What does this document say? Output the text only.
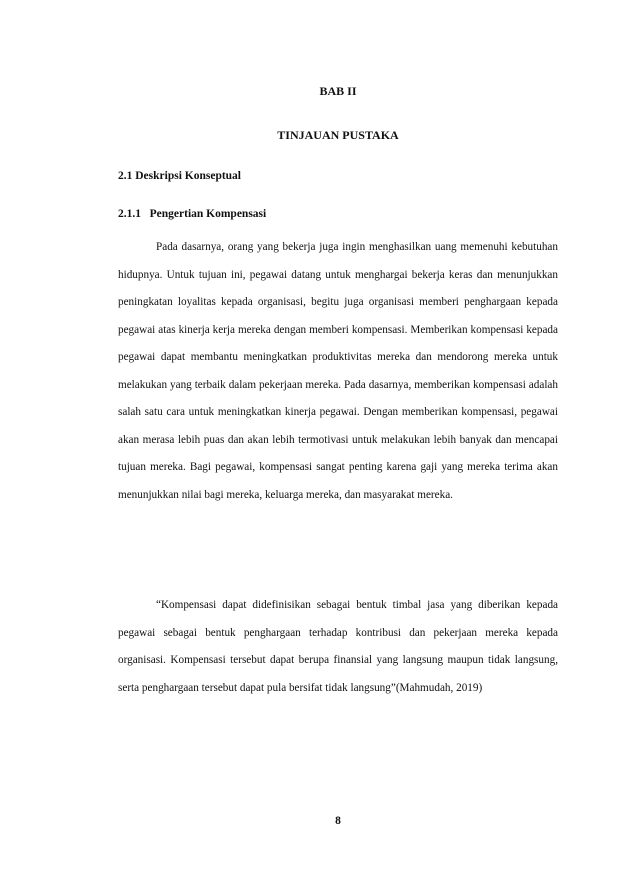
BAB II
TINJAUAN PUSTAKA
2.1 Deskripsi Konseptual
2.1.1   Pengertian Kompensasi

Pada dasarnya, orang yang bekerja juga ingin menghasilkan uang memenuhi kebutuhan hidupnya. Untuk tujuan ini, pegawai datang untuk menghargai bekerja keras dan menunjukkan peningkatan loyalitas kepada organisasi, begitu juga organisasi memberi penghargaan kepada pegawai atas kinerja kerja mereka dengan memberi kompensasi. Memberikan kompensasi kepada pegawai dapat membantu meningkatkan produktivitas mereka dan mendorong mereka untuk melakukan yang terbaik dalam pekerjaan mereka. Pada dasarnya, memberikan kompensasi adalah salah satu cara untuk meningkatkan kinerja pegawai. Dengan memberikan kompensasi, pegawai akan merasa lebih puas dan akan lebih termotivasi untuk melakukan lebih banyak dan mencapai tujuan mereka. Bagi pegawai, kompensasi sangat penting karena gaji yang mereka terima akan menunjukkan nilai bagi mereka, keluarga mereka, dan masyarakat mereka.

“Kompensasi dapat didefinisikan sebagai bentuk timbal jasa yang diberikan kepada pegawai sebagai bentuk penghargaan terhadap kontribusi dan pekerjaan mereka kepada organisasi. Kompensasi tersebut dapat berupa finansial yang langsung maupun tidak langsung, serta penghargaan tersebut dapat pula bersifat tidak langsung”(Mahmudah, 2019)

8
